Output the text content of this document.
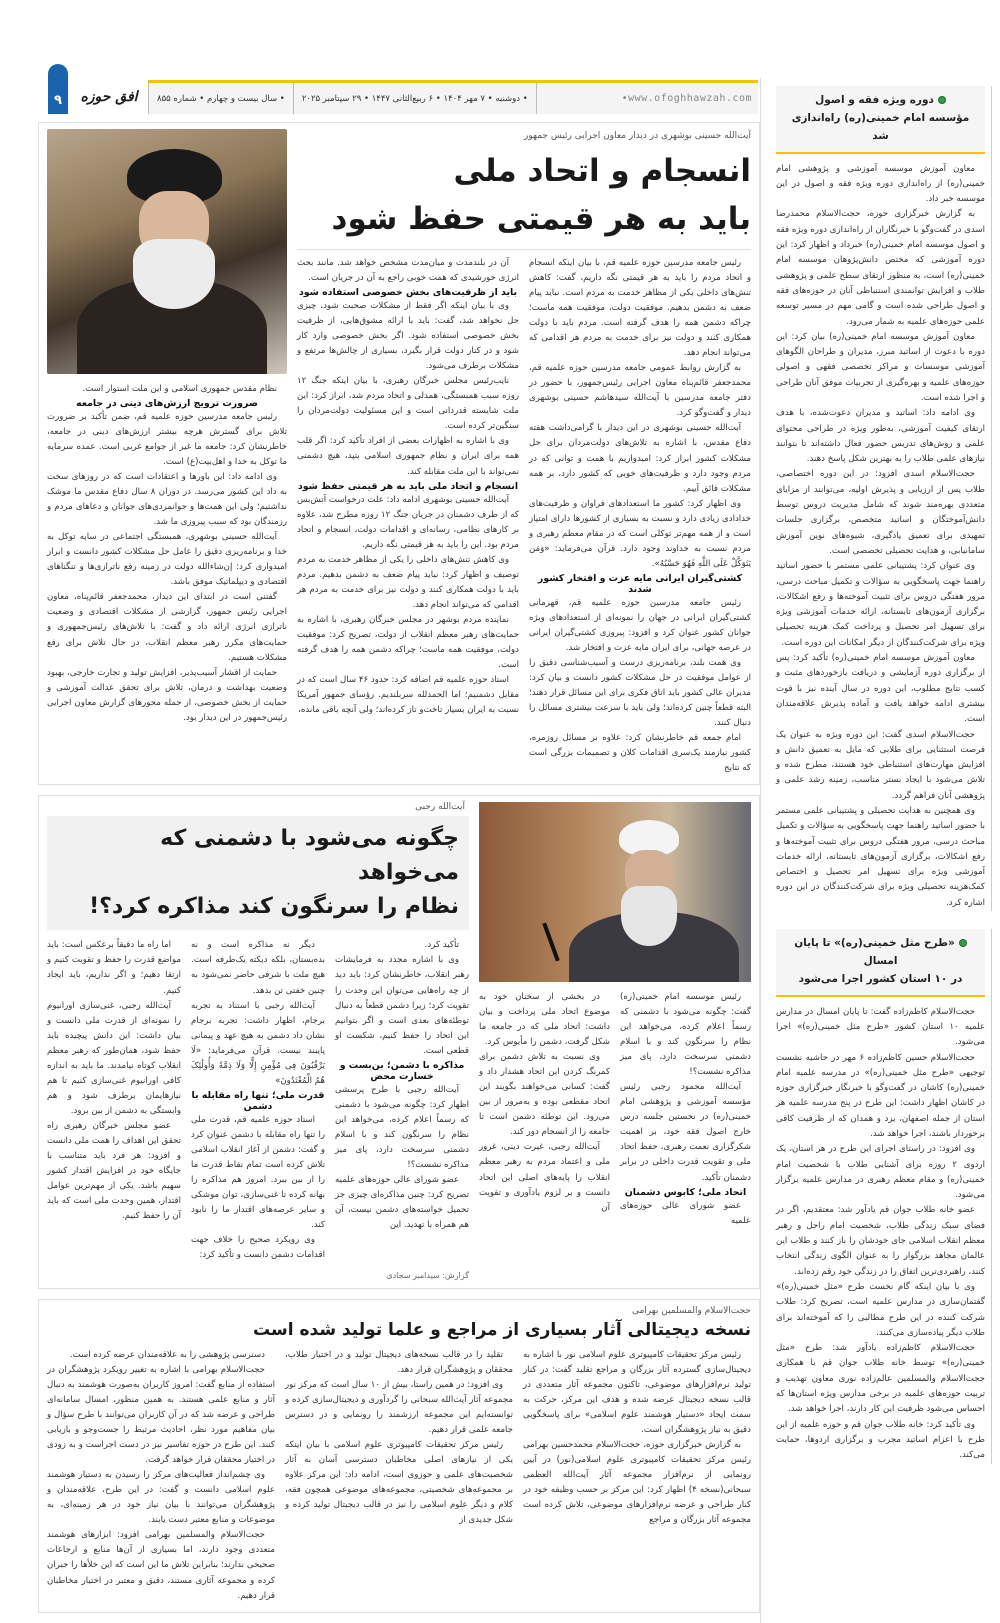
۹	افق حوزه	• سال بیست و چهارم • شماره ۸۵۵	• دوشنبه • ۷ مهر ۱۴۰۴ • ۶ ربیع‌الثانی ۱۴۴۷ • ۲۹ سپتامبر ۲۰۲۵	•www.ofoghhawzah.com	دوره ویژه فقه و اصول
مؤسسه امام خمینی(ره) راه‌اندازی شد

معاون آموزش موسسه آموزشی و پژوهشی امام خمینی(ره) از راه‌اندازی دوره ویژه فقه و اصول در این موسسه خبر داد.

به گزارش خبرگزاری حوزه، حجت‌الاسلام محمدرضا اسدی در گفت‌وگو با خبرنگاران از راه‌اندازی دوره ویژه فقه و اصول موسسه امام خمینی(ره) خبرداد و اظهار کرد: این دوره آموزشی که مختص دانش‌پژوهان موسسه امام خمینی(ره) است، به منظور ارتقای سطح علمی و پژوهشی طلاب و افزایش توانمندی استنباطی آنان در حوزه‌های فقه و اصول طراحی شده است و گامی مهم در مسیر توسعه علمی حوزه‌های علمیه به شمار می‌رود.

معاون آموزش موسسه امام خمینی(ره) بیان کرد: این دوره با دعوت از اساتید مبرز، مدیران و طراحان الگوهای آموزشی موسسات و مراکز تخصصی فقهی و اصولی حوزه‌های علمیه و بهره‌گیری از تجربیات موفق آنان طراحی و اجرا شده است.

وی ادامه داد: اساتید و مدیران دعوت‌شده، با هدف ارتقای کیفیت آموزشی، به‌طور ویژه در طراحی محتوای علمی و روش‌های تدریس حضور فعال داشته‌اند تا بتوانند نیازهای علمی طلاب را به بهترین شکل پاسخ دهند.

حجت‌الاسلام اسدی افزود: در این دوره اختصاصی، طلاب پس از ارزیابی و پذیرش اولیه، می‌توانند از مزایای متعددی بهره‌مند شوند که شامل مدیریت دروس توسط دانش‌آموختگان و اساتید متخصص، برگزاری جلسات تمهیدی برای تعمیق یادگیری، شیوه‌های نوین آموزش سامانیابی، و هدایت تحصیلی تخصصی است.

وی عنوان کرد: پشتیبانی علمی مستمر با حضور اساتید راهنما جهت پاسخگویی به سؤالات و تکمیل مباحث درسی، مرور هفتگی دروس برای تثبیت آموخته‌ها و رفع اشکالات، برگزاری آزمون‌های تابستانه، ارائه خدمات آموزشی ویژه برای تسهیل امر تحصیل و پرداخت کمک هزینه تحصیلی ویژه برای شرکت‌کنندگان از دیگر امکانات این دوره است.

معاون آموزش موسسه امام خمینی(ره) تأکید کرد: پس از برگزاری دوره آزمایشی و دریافت بازخوردهای مثبت و کسب نتایج مطلوب، این دوره در سال آینده نیز با قوت بیشتری ادامه خواهد یافت و آماده پذیرش علاقه‌مندان است.

حجت‌الاسلام اسدی گفت: این دوره ویژه به عنوان یک فرصت استثنایی برای طلابی که مایل به تعمیق دانش و افزایش مهارت‌های استنباطی خود هستند، مطرح شده و تلاش می‌شود با ایجاد بستر مناسب، زمینه رشد علمی و پژوهشی آنان فراهم گردد.

وی همچنین به هدایت تحصیلی و پشتیبانی علمی مستمر با حضور اساتید راهنما جهت پاسخگویی به سؤالات و تکمیل مباحث درسی، مرور هفتگی دروس برای تثبیت آموخته‌ها و رفع اشکالات، برگزاری آزمون‌های تابستانه، ارائه خدمات آموزشی ویژه برای تسهیل امر تحصیل و اختصاص کمک‌هزینه تحصیلی ویژه برای شرکت‌کنندگان در این دوره اشاره کرد.

«طرح مثل خمینی(ره)» تا پایان امسال
در ۱۰ استان کشور اجرا می‌شود

حجت‌الاسلام کاظم‌زاده گفت: تا پایان امسال در مدارس علمیه ۱۰ استان کشور «طرح مثل خمینی(ره)» اجرا می‌شود.

حجت‌الاسلام حسین کاظم‌زاده ۶ مهر در حاشیه نشست توجیهی «طرح مثل خمینی(ره)» در مدرسه علمیه امام خمینی(ره) کاشان در گفت‌وگو با خبرنگار خبرگزاری حوزه در کاشان اظهار داشت: این طرح در پنج مدرسه علمیه هر استان از جمله اصفهان، یزد و همدان که از ظرفیت کافی برخوردار باشند، اجرا خواهد شد.

وی افزود: در راستای اجرای این طرح در هر استان، یک اردوی ۲ روزه برای آشنایی طلاب با شخصیت امام خمینی(ره) و مقام معظم رهبری در مدارس علمیه برگزار می‌شود.

عضو خانه طلاب جوان قم یادآور شد: معتقدیم، اگر در فضای سبک زندگی طلاب، شخصیت امام راحل و رهبر معظم انقلاب اسلامی جای خودشان را باز کنند و طلاب این عالمان مجاهد بزرگوار را به عنوان الگوی زندگی انتخاب کنند، راهبردی‌ترین اتفاق را در زندگی خود رقم زده‌اند.

وی با بیان اینکه گام نخست طرح «مثل خمینی(ره)» گفتمان‌سازی در مدارس علمیه است، تصریح کرد: طلاب شرکت کننده در این طرح مطالبی را که آموخته‌اند برای طلاب دیگر پیاده‌سازی می‌کنند.

حجت‌الاسلام کاظم‌زاده یادآور شد: طرح «مثل خمینی(ره)» توسط خانه طلاب جوان قم با همکاری حجت‌الاسلام والمسلمین عالم‌زاده نوری معاون تهذیب و تربیت حوزه‌های علمیه در برخی مدارس ویژه استان‌ها که احساس می‌شود ظرفیت این کار دارند، اجرا خواهد شد.

وی تأکید کرد: خانه طلاب جوان قم و حوزه علمیه از این طرح با اعزام اساتید مجرب و برگزاری اردوها، حمایت می‌کند.

آیت‌الله حسینی بوشهری در دیدار معاون اجرایی رئیس جمهور
انسجام و اتحاد ملی
باید به هر قیمتی حفظ شود

رئیس جامعه مدرسین حوزه علمیه قم، با بیان اینکه انسجام و اتحاد مردم را باید به هر قیمتی نگه داریم، گفت: کاهش تنش‌های داخلی یکی از مظاهر خدمت به مردم است. نباید پیام ضعف به دشمن بدهیم. موفقیت دولت، موفقیت همه ماست؛ چراکه دشمن همه را هدف گرفته است. مردم باید با دولت همکاری کنند و دولت نیز برای خدمت به مردم هر اقدامی که می‌تواند انجام دهد.

به گزارش روابط عمومی جامعه مدرسین حوزه علمیه قم، محمدجعفر قائم‌پناه معاون اجرایی رئیس‌جمهور، با حضور در دفتر جامعه مدرسین با آیت‌الله سیدهاشم حسینی بوشهری دیدار و گفت‌وگو کرد.

آیت‌الله حسینی بوشهری در این دیدار با گرامی‌داشت هفته دفاع مقدس، با اشاره به تلاش‌های دولت‌مردان برای حل مشکلات کشور ابراز کرد: امیدواریم با همت و توانی که در مردم وجود دارد و ظرفیت‌های خوبی که کشور دارد، بر همه مشکلات فائق آییم.

وی اظهار کرد: کشور ما استعدادهای فراوان و ظرفیت‌های خدادادی زیادی دارد و نسبت به بسیاری از کشورها دارای امتیاز است و از همه مهم‌تر توکلی است که در مقام معظم رهبری و مردم نسبت به خداوند وجود دارد. قرآن می‌فرماید: «وَمَن یَتَوَکَّلْ عَلَی اللَّهِ فَهُوَ حَسْبُهُ».

کشتی‌گیران ایرانی مایه عزت و افتخار کشور شدند

رئیس جامعه مدرسین حوزه علمیه قم، قهرمانی کشتی‌گیران ایرانی در جهان را نمونه‌ای از استعدادهای ویژه جوانان کشور عنوان کرد و افزود: پیروزی کشتی‌گیران ایرانی در عرصه جهانی، برای ایران مایه عزت و افتخار شد.

وی همت بلند، برنامه‌ریزی درست و آسیب‌شناسی دقیق را از عوامل موفقیت در حل مشکلات کشور دانست و بیان کرد: مدیران عالی کشور باید اتاق فکری برای این مسائل قرار دهند؛ البته قطعاً چنین کرده‌اند؛ ولی باید با سرعت بیشتری مسائل را دنبال کنند.

امام جمعه قم خاطرنشان کرد: علاوه بر مسائل روزمره، کشور نیازمند یک‌سری اقدامات کلان و تصمیمات بزرگی است که نتایج

آن در بلندمدت و میان‌مدت مشخص خواهد شد. مانند بحث انرژی خورشیدی که همت خوبی راجع به آن در جریان است.

باید از ظرفیت‌های بخش خصوصی استفاده شود

وی با بیان اینکه اگر فقط از مشکلات صحبت شود، چیزی حل نخواهد شد، گفت: باید با ارائه مشوق‌هایی، از ظرفیت بخش خصوصی استفاده شود. اگر بخش خصوصی وارد کار شود و در کنار دولت قرار بگیرد، بسیاری از چالش‌ها مرتفع و مشکلات برطرف می‌شود.

نایب‌رئیس مجلس خبرگان رهبری، با بیان اینکه جنگ ۱۲ روزه سبب همبستگی، همدلی و اتحاد مردم شد، ابراز کرد: این ملت شایسته قدردانی است و این مسئولیت دولت‌مردان را سنگین‌تر کرده است.

وی با اشاره به اظهارات بعضی از افراد تأکید کرد: اگر قلب همه برای ایران و نظام جمهوری اسلامی بتپد، هیچ دشمنی نمی‌تواند با این ملت مقابله کند.

انسجام و اتحاد ملی باید به هر قیمتی حفظ شود

آیت‌الله حسینی بوشهری ادامه داد: علت درخواست آتش‌بس که از طرف دشمنان در جریان جنگ ۱۲ روزه مطرح شد، علاوه بر کارهای نظامی، رسانه‌ای و اقدامات دولت، انسجام و اتحاد مردم بود. این را باید به هر قیمتی نگه داریم.

وی کاهش تنش‌های داخلی را یکی از مظاهر خدمت به مردم توصیف و اظهار کرد: نباید پیام ضعف به دشمن بدهیم. مردم باید با دولت همکاری کنند و دولت نیز برای خدمت به مردم هر اقدامی که می‌تواند انجام دهد.

نماینده مردم بوشهر در مجلس خبرگان رهبری، با اشاره به حمایت‌های رهبر معظم انقلاب از دولت، تصریح کرد: موفقیت دولت، موفقیت همه ماست؛ چراکه دشمن همه را هدف گرفته است.

استاد حوزه علمیه قم اضافه کرد: حدود ۴۶ سال است که در مقابل دشمنیم؛ اما الحمدلله سربلندیم. رؤسای جمهور آمریکا نسبت به ایران بسیار تاخت‌و تاز کرده‌اند؛ ولی آنچه باقی مانده،

نظام مقدس جمهوری اسلامی و این ملت استوار است.

ضرورت ترویج ارزش‌های دینی در جامعه

رئیس جامعه مدرسین حوزه علمیه قم، ضمن تأکید بر ضرورت تلاش برای گسترش هرچه بیشتر ارزش‌های دینی در جامعه، خاطرنشان کرد: جامعه ما غیر از جوامع غربی است. عمده سرمایه ما توکل به خدا و اهل‌بیت(ع) است.

وی ادامه داد: این باورها و اعتقادات است که در روزهای سخت به داد این کشور می‌رسد. در دوران ۸ سال دفاع مقدس ما موشک نداشتیم؛ ولی این همت‌ها و جوانمردی‌های جوانان و دعاهای مردم و رزمندگان بود که سبب پیروزی ما شد.

آیت‌الله حسینی بوشهری، همبستگی اجتماعی در سایه توکل به خدا و برنامه‌ریزی دقیق را عامل حل مشکلات کشور دانست و ابراز امیدواری کرد: إن‌شاءالله دولت در زمینه رفع ناترازی‌ها و تنگناهای اقتصادی و دیپلماتیک موفق باشد.

گفتنی است در ابتدای این دیدار، محمدجعفر قائم‌پناه، معاون اجرایی رئیس جمهور، گزارشی از مشکلات اقتصادی و وضعیت ناترازی انرژی ارائه داد و گفت: با تلاش‌های رئیس‌جمهوری و حمایت‌های مکرر رهبر معظم انقلاب، در حال تلاش برای رفع مشکلات هستیم.

حمایت از اقشار آسیب‌پذیر، افزایش تولید و تجارت خارجی، بهبود وضعیت بهداشت و درمان، تلاش برای تحقق عدالت آموزشی و حمایت از بخش خصوصی، از جمله محورهای گزارش معاون اجرایی رئیس‌جمهور در این دیدار بود.

رئیس موسسه امام خمینی(ره) گفت: چگونه می‌شود با دشمنی که رسماً اعلام کرده، می‌خواهد این نظام را سرنگون کند و با اسلام دشمنی سرسخت دارد، پای میز مذاکره نشست؟!

آیت‌الله محمود رجبی رئیس مؤسسه آموزشی و پژوهشی امام خمینی(ره) در نخستین جلسه درس خارج اصول فقه خود، بر اهمیت شکرگزاری نعمت رهبری، حفظ اتحاد ملی و تقویت قدرت داخلی در برابر دشمنان تأکید.

اتحاد ملی؛ کابوس دشمنان

عضو شورای عالی حوزه‌های علمیه

در بخشی از سخنان خود به موضوع اتحاد ملی پرداخت و بیان داشت: اتحاد ملی که در جامعه ما شکل گرفت، دشمن را مأیوس کرد.

وی نسبت به تلاش دشمن برای کمرنگ کردن این اتحاد هشدار داد و گفت: کسانی می‌خواهند بگویند این اتحاد مقطعی بوده و به‌مرور از بین می‌رود. این توطئه دشمن است تا جامعه را از انسجام دور کند.

آیت‌الله رجبی، غیرت دینی، غرور ملی و اعتماد مردم به رهبر معظم انقلاب را پایه‌های اصلی این اتحاد دانست و بر لزوم یادآوری و تقویت آن

آیت‌الله رجبی
چگونه می‌شود با دشمنی که می‌خواهد
نظام را سرنگون کند مذاکره کرد؟!

تأکید کرد.

وی با اشاره مجدد به فرمایشات رهبر انقلاب، خاطرنشان کرد: باید دید از چه راه‌هایی می‌توان این وحدت را تقویت کرد؛ زیرا دشمن قطعاً به دنبال توطئه‌های بعدی است و اگر بتوانیم این اتحاد را حفظ کنیم، شکست او قطعی است.

مذاکره با دشمن؛ بن‌بست و خسارت محض

آیت‌الله رجبی با طرح پرسشی اظهار کرد: چگونه می‌شود با دشمنی که رسماً اعلام کرده، می‌خواهد این نظام را سرنگون کند و با اسلام دشمنی سرسخت دارد، پای میز مذاکره نشست؟!

عضو شورای عالی حوزه‌های علمیه تصریح کرد: چنین مذاکره‌ای چیزی جز تحمیل خواسته‌های دشمن نیست، آن هم همراه با تهدید. این

دیگر نه مذاکره است و نه بده‌بستان، بلکه دیکته یک‌طرفه است. هیچ ملت با شرفی حاضر نمی‌شود به چنین خفتی تن بدهد.

آیت‌الله رجبی با استناد به تجربه برجام، اظهار داشت: تجربه برجام نشان داد دشمن به هیچ عهد و پیمانی پایبند نیست. قرآن می‌فرماید: «لَا یَرْقُبُونَ فِی مُؤْمِنٍ إِلًّا وَلَا ذِمَّةً وَأُولَٰئِکَ هُمُ الْمُعْتَدُونَ»

قدرت ملی؛ تنها راه مقابله با دشمن

استاد حوزه علمیه قم، قدرت ملی را تنها راه مقابله با دشمن عنوان کرد و گفت: دشمن از آغاز انقلاب اسلامی تلاش کرده است تمام نقاط قدرت ما را از بین ببرد. امروز هم مذاکره را بهانه کرده تا غنی‌سازی، توان موشکی و سایر عرصه‌های اقتدار ما را نابود کند.

وی رویکرد صحیح را خلاف جهت اقدامات دشمن دانست و تأکید کرد:

اما راه ما دقیقاً برعکس است: باید مواضع قدرت را حفظ و تقویت کنیم و ارتقا دهیم؛ و اگر نداریم، باید ایجاد کنیم.

آیت‌الله رجبی، غنی‌سازی اورانیوم را نمونه‌ای از قدرت ملی دانست و بیان داشت: این دانش پیچیده باید حفظ شود، همان‌طور که رهبر معظم انقلاب کوتاه نیامدند. ما باید به اندازه کافی اورانیوم غنی‌سازی کنیم تا هم نیازهایمان برطرف شود و هم وابستگی به دشمن از بین برود.

عضو مجلس خبرگان رهبری راه تحقق این اهداف را همت ملی دانست و افزود: هر فرد باید متناسب با جایگاه خود در افزایش اقتدار کشور سهیم باشد. یکی از مهم‌ترین عوامل اقتدار، همین وحدت ملی است که باید آن را حفظ کنیم.

گزارش: سیدامیر سجادی
حجت‌الاسلام والمسلمین بهرامی
نسخه دیجیتالی آثار بسیاری از مراجع و علما تولید شده است

رئیس مرکز تحقیقات کامپیوتری علوم اسلامی نور با اشاره به دیجیتال‌سازی گسترده آثار بزرگان و مراجع تقلید گفت: در کنار تولید نرم‌افزارهای موضوعی، تاکنون مجموعه آثار متعددی در قالب نسخه دیجیتال عرضه شده و هدف این مرکز، حرکت به سمت ایجاد «دستیار هوشمند علوم اسلامی» برای پاسخگویی دقیق به نیاز پژوهشگران است.

به گزارش خبرگزاری حوزه، حجت‌الاسلام محمدحسین بهرامی رئیس مرکز تحقیقات کامپیوتری علوم اسلامی(نور) در آیین رونمایی از نرم‌افزار مجموعه آثار آیت‌الله العظمی سبحانی(نسخه ۴) اظهار کرد: این مرکز بر حسب وظیفه خود در کنار طراحی و عرضه نرم‌افزارهای موضوعی، تلاش کرده است مجموعه آثار بزرگان و مراجع

تقلید را در قالب نسخه‌های دیجیتال تولید و در اختیار طلاب، محققان و پژوهشگران قرار دهد.

وی افزود: در همین راستا، بیش از ۱۰ سال است که مرکز نور مجموعه آثار آیت‌الله سبحانی را گردآوری و دیجیتال‌سازی کرده و توانسته‌ایم این مجموعه ارزشمند را رونمایی و در دسترس جامعه علمی قرار دهیم.

رئیس مرکز تحقیقات کامپیوتری علوم اسلامی با بیان اینکه یکی از نیازهای اصلی مخاطبان دسترسی آسان به آثار شخصیت‌های علمی و حوزوی است، ادامه داد: این مرکز علاوه بر مجموعه‌های شخصیتی، مجموعه‌های موضوعی همچون فقه، کلام و دیگر علوم اسلامی را نیز در قالب دیجیتال تولید کرده و شکل جدیدی از

دسترسی پژوهشی را به علاقه‌مندان عرضه کرده است.

حجت‌الاسلام بهرامی با اشاره به تغییر رویکرد پژوهشگران در استفاده از منابع گفت: امروز کاربران به‌صورت هوشمند به دنبال آثار و منابع علمی هستند. به همین منظور، امسال سامانه‌ای طراحی و عرضه شد که در آن کاربران می‌توانند با طرح سؤال و بیان مفاهیم مورد نظر، احادیث مرتبط را جست‌وجو و بازیابی کنند. این طرح در حوزه تفاسیر نیز در دست اجراست و به زودی در اختیار محققان قرار خواهد گرفت.

وی چشم‌انداز فعالیت‌های مرکز را رسیدن به دستیار هوشمند علوم اسلامی دانست و گفت: در این طرح، علاقه‌مندان و پژوهشگران می‌توانند با بیان نیاز خود در هر زمینه‌ای، به موضوعات و منابع معتبر دست یابند.

حجت‌الاسلام والمسلمین بهرامی افزود: ابزارهای هوشمند متعددی وجود دارند، اما بسیاری از آن‌ها منابع و ارجاعات صحیحی ندارند؛ بنابراین تلاش ما این است که این خلأها را جبران کرده و مجموعه آثاری مستند، دقیق و معتبر در اختیار مخاطبان قرار دهیم.
